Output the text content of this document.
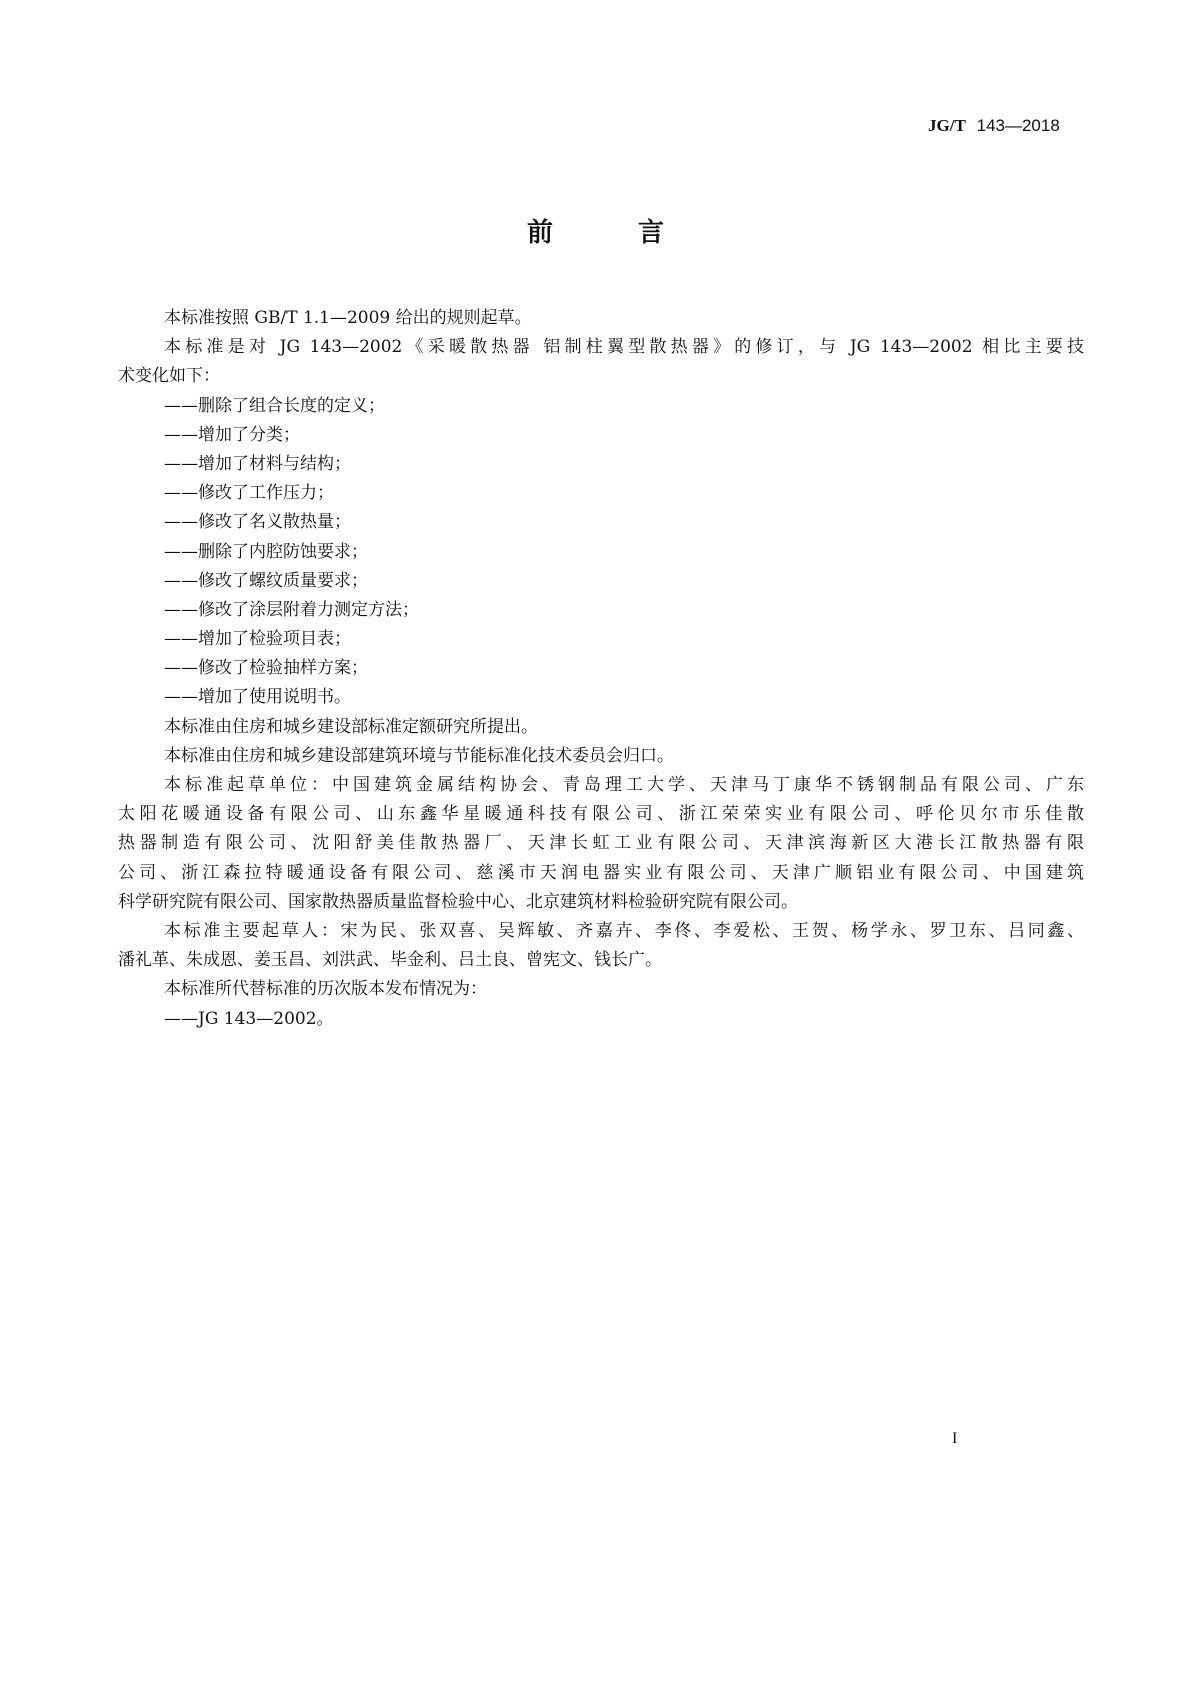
JG/T 143—2018
前 言
本标准按照 GB/T 1.1—2009 给出的规则起草。
本标准是对 JG 143—2002《采暖散热器 铝制柱翼型散热器》的修订，与 JG 143—2002 相比主要技
术变化如下：
——删除了组合长度的定义；
——增加了分类；
——增加了材料与结构；
——修改了工作压力；
——修改了名义散热量；
——删除了内腔防蚀要求；
——修改了螺纹质量要求；
——修改了涂层附着力测定方法；
——增加了检验项目表；
——修改了检验抽样方案；
——增加了使用说明书。
本标准由住房和城乡建设部标准定额研究所提出。
本标准由住房和城乡建设部建筑环境与节能标准化技术委员会归口。
本标准起草单位：中国建筑金属结构协会、青岛理工大学、天津马丁康华不锈钢制品有限公司、广东
太阳花暖通设备有限公司、山东鑫华星暖通科技有限公司、浙江荣荣实业有限公司、呼伦贝尔市乐佳散
热器制造有限公司、沈阳舒美佳散热器厂、天津长虹工业有限公司、天津滨海新区大港长江散热器有限
公司、浙江森拉特暖通设备有限公司、慈溪市天润电器实业有限公司、天津广顺铝业有限公司、中国建筑
科学研究院有限公司、国家散热器质量监督检验中心、北京建筑材料检验研究院有限公司。
本标准主要起草人：宋为民、张双喜、吴辉敏、齐嘉卉、李佟、李爱松、王贺、杨学永、罗卫东、吕同鑫、
潘礼革、朱成恩、姜玉昌、刘洪武、毕金利、吕土良、曾宪文、钱长广。
本标准所代替标准的历次版本发布情况为：
——JG 143—2002。
I
